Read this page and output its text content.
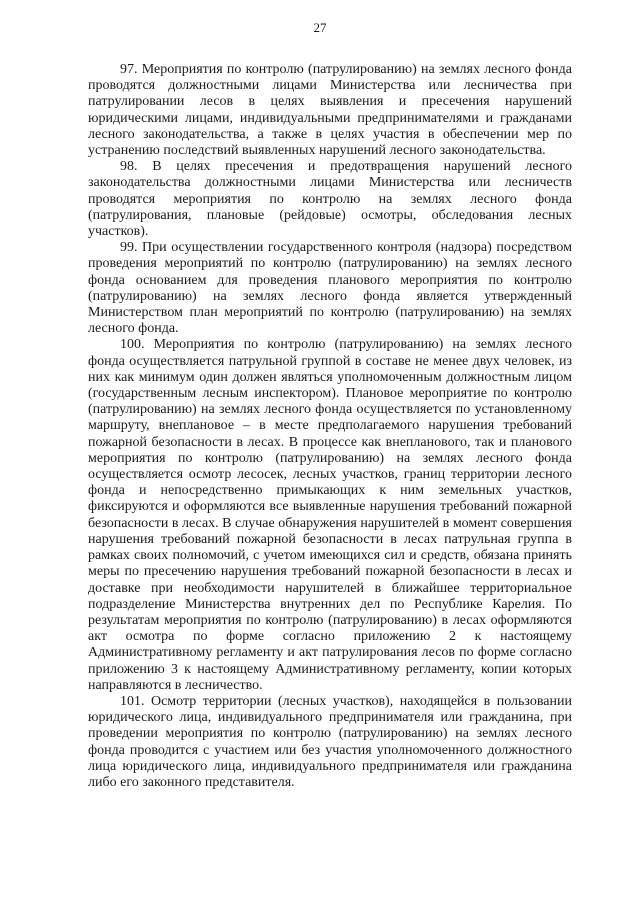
27

97. Мероприятия по контролю (патрулированию) на землях лесного фонда проводятся должностными лицами Министерства или лесничества при патрулировании лесов в целях выявления и пресечения нарушений юридическими лицами, индивидуальными предпринимателями и гражданами лесного законодательства, а также в целях участия в обеспечении мер по устранению последствий выявленных нарушений лесного законодательства.

98. В целях пресечения и предотвращения нарушений лесного законодательства должностными лицами Министерства или лесничеств проводятся мероприятия по контролю на землях лесного фонда (патрулирования, плановые (рейдовые) осмотры, обследования лесных участков).

99. При осуществлении государственного контроля (надзора) посредством проведения мероприятий по контролю (патрулированию) на землях лесного фонда основанием для проведения планового мероприятия по контролю (патрулированию) на землях лесного фонда является утвержденный Министерством план мероприятий по контролю (патрулированию) на землях лесного фонда.

100. Мероприятия по контролю (патрулированию) на землях лесного фонда осуществляется патрульной группой в составе не менее двух человек, из них как минимум один должен являться уполномоченным должностным лицом (государственным лесным инспектором). Плановое мероприятие по контролю (патрулированию) на землях лесного фонда осуществляется по установленному маршруту, внеплановое – в месте предполагаемого нарушения требований пожарной безопасности в лесах. В процессе как внепланового, так и планового мероприятия по контролю (патрулированию) на землях лесного фонда осуществляется осмотр лесосек, лесных участков, границ территории лесного фонда и непосредственно примыкающих к ним земельных участков, фиксируются и оформляются все выявленные нарушения требований пожарной безопасности в лесах. В случае обнаружения нарушителей в момент совершения нарушения требований пожарной безопасности в лесах патрульная группа в рамках своих полномочий, с учетом имеющихся сил и средств, обязана принять меры по пресечению нарушения требований пожарной безопасности в лесах и доставке при необходимости нарушителей в ближайшее территориальное подразделение Министерства внутренних дел по Республике Карелия. По результатам мероприятия по контролю (патрулированию) в лесах оформляются акт осмотра по форме согласно приложению 2 к настоящему Административному регламенту и акт патрулирования лесов по форме согласно приложению 3 к настоящему Административному регламенту, копии которых направляются в лесничество.

101. Осмотр территории (лесных участков), находящейся в пользовании юридического лица, индивидуального предпринимателя или гражданина, при проведении мероприятия по контролю (патрулированию) на землях лесного фонда проводится с участием или без участия уполномоченного должностного лица юридического лица, индивидуального предпринимателя или гражданина либо его законного представителя.
